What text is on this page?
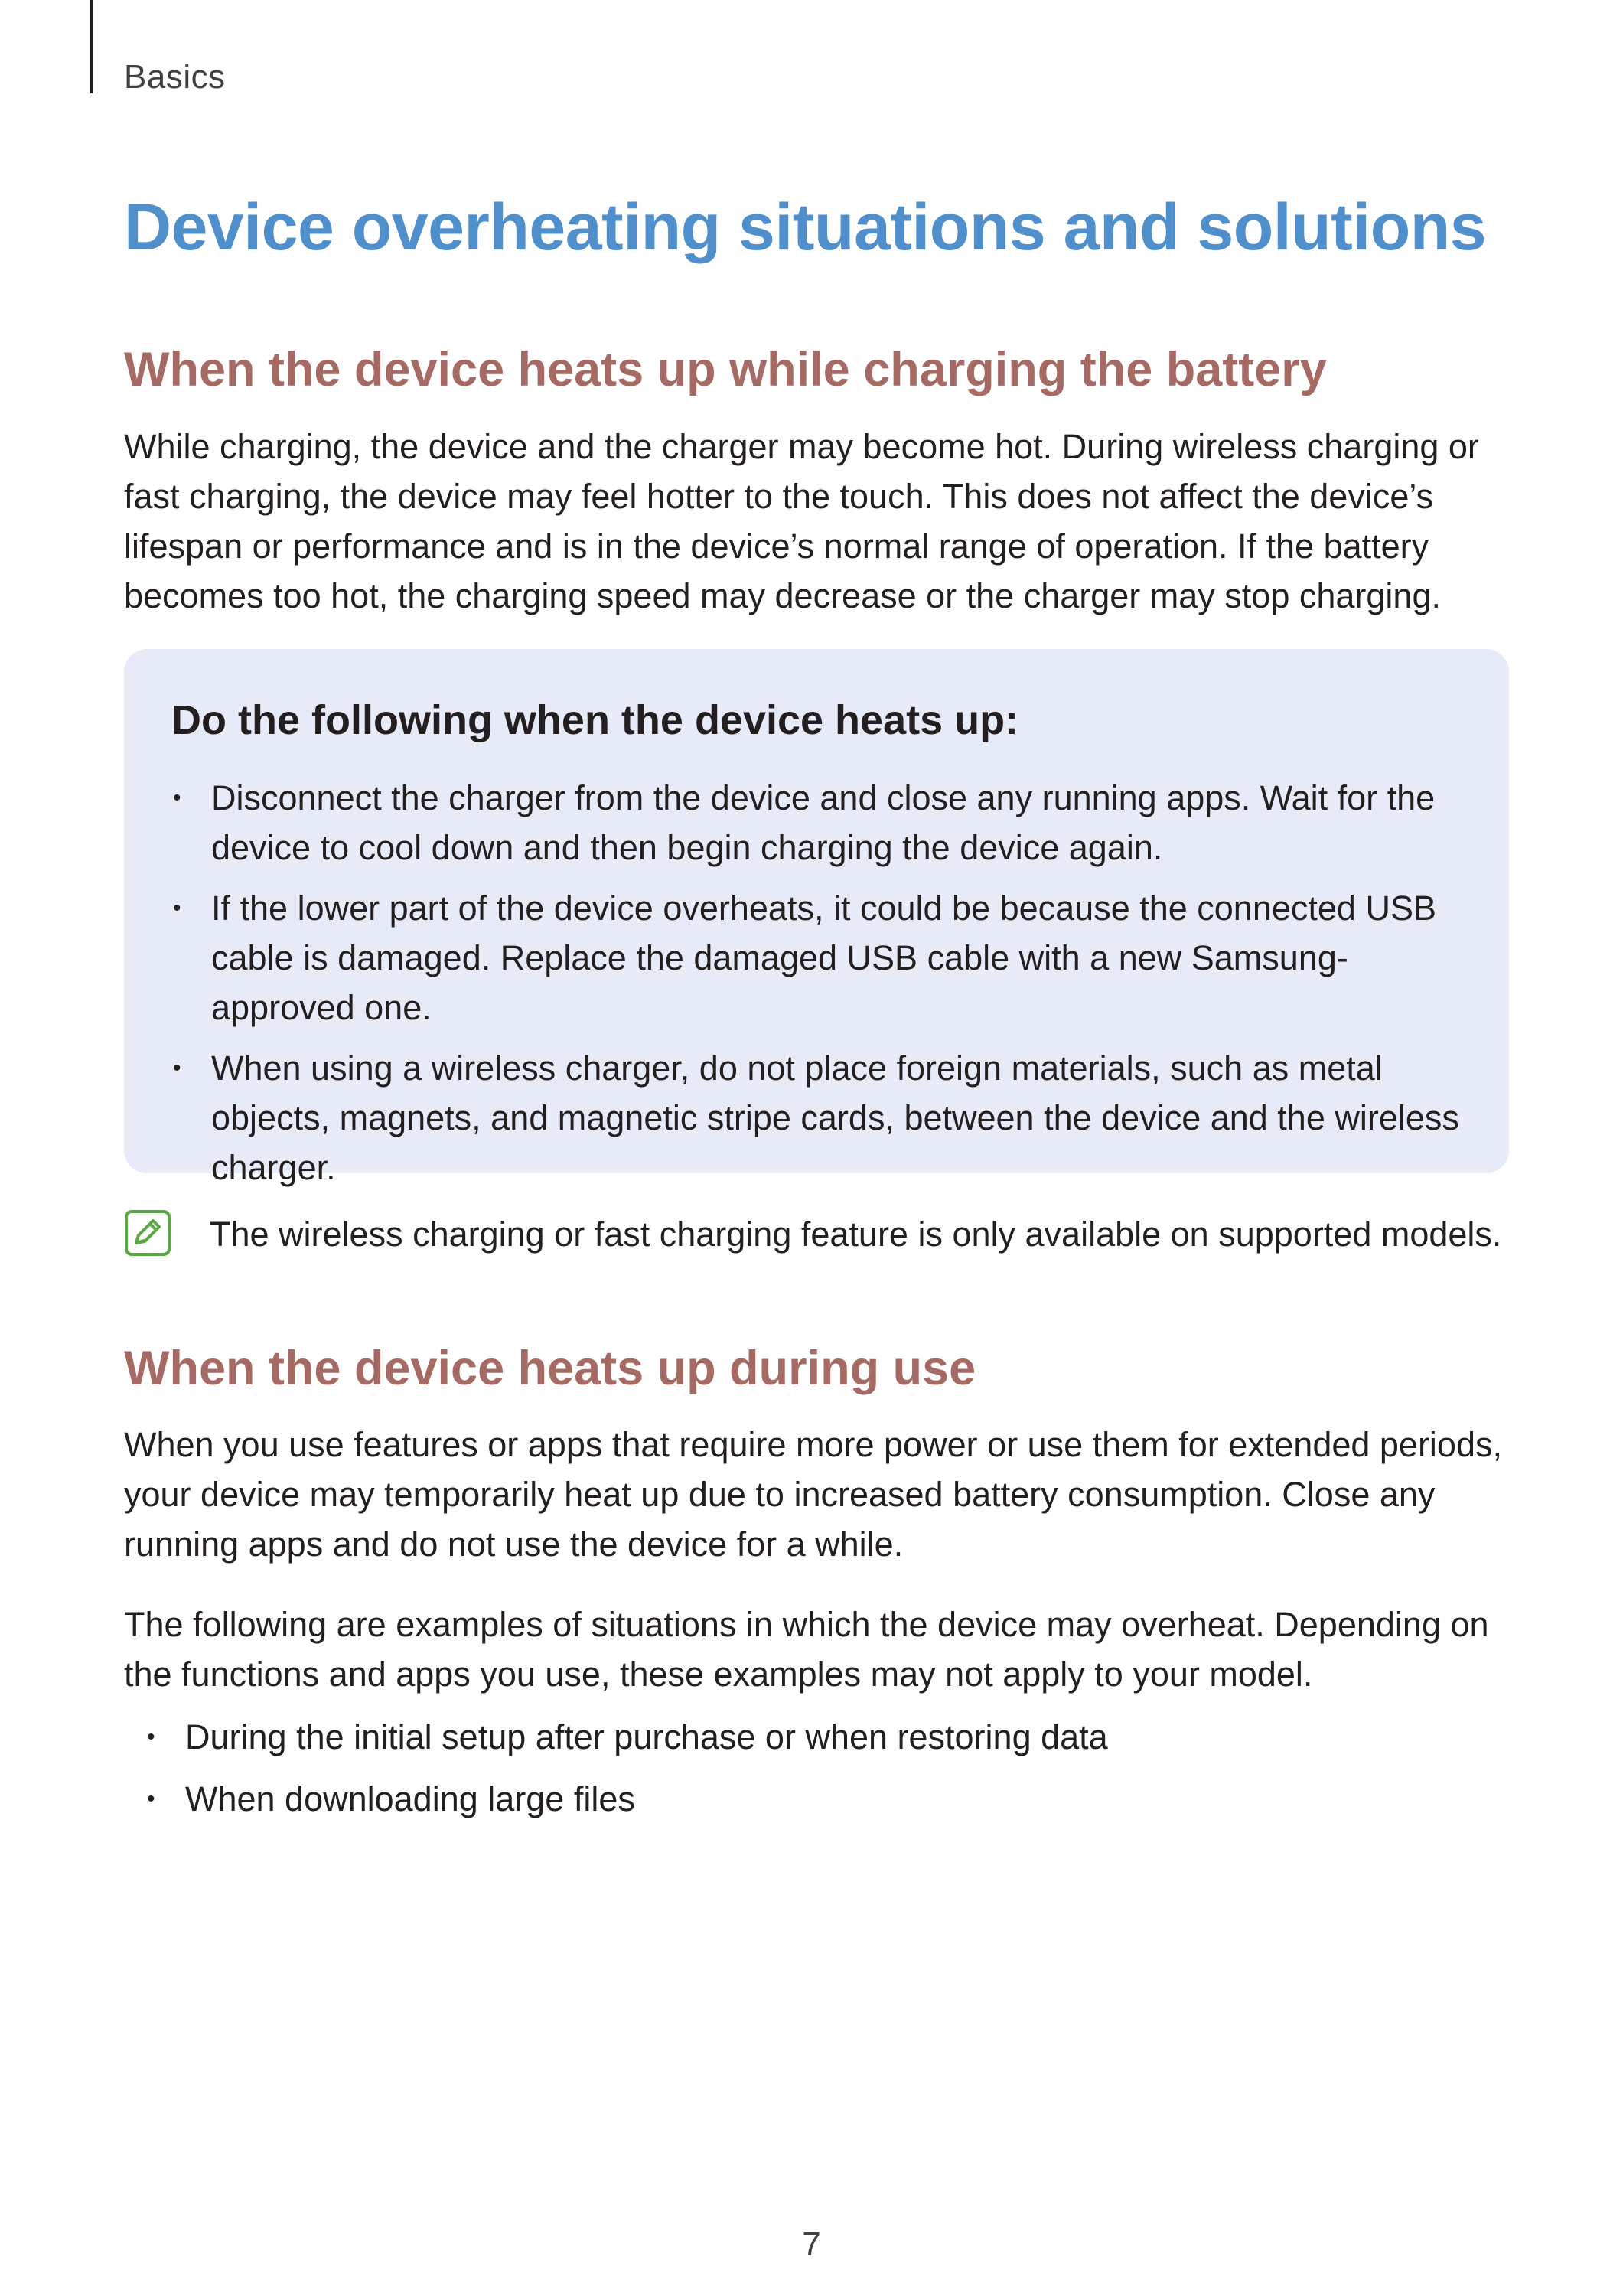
Basics
Device overheating situations and solutions
When the device heats up while charging the battery

While charging, the device and the charger may become hot. During wireless charging or fast charging, the device may feel hotter to the touch. This does not affect the device’s lifespan or performance and is in the device’s normal range of operation. If the battery becomes too hot, the charging speed may decrease or the charger may stop charging.

Do the following when the device heats up:
• Disconnect the charger from the device and close any running apps. Wait for the device to cool down and then begin charging the device again.
• If the lower part of the device overheats, it could be because the connected USB cable is damaged. Replace the damaged USB cable with a new Samsung-approved one.
• When using a wireless charger, do not place foreign materials, such as metal objects, magnets, and magnetic stripe cards, between the device and the wireless charger.

The wireless charging or fast charging feature is only available on supported models.

When the device heats up during use

When you use features or apps that require more power or use them for extended periods, your device may temporarily heat up due to increased battery consumption. Close any running apps and do not use the device for a while.

The following are examples of situations in which the device may overheat. Depending on the functions and apps you use, these examples may not apply to your model.

• During the initial setup after purchase or when restoring data
• When downloading large files
7
